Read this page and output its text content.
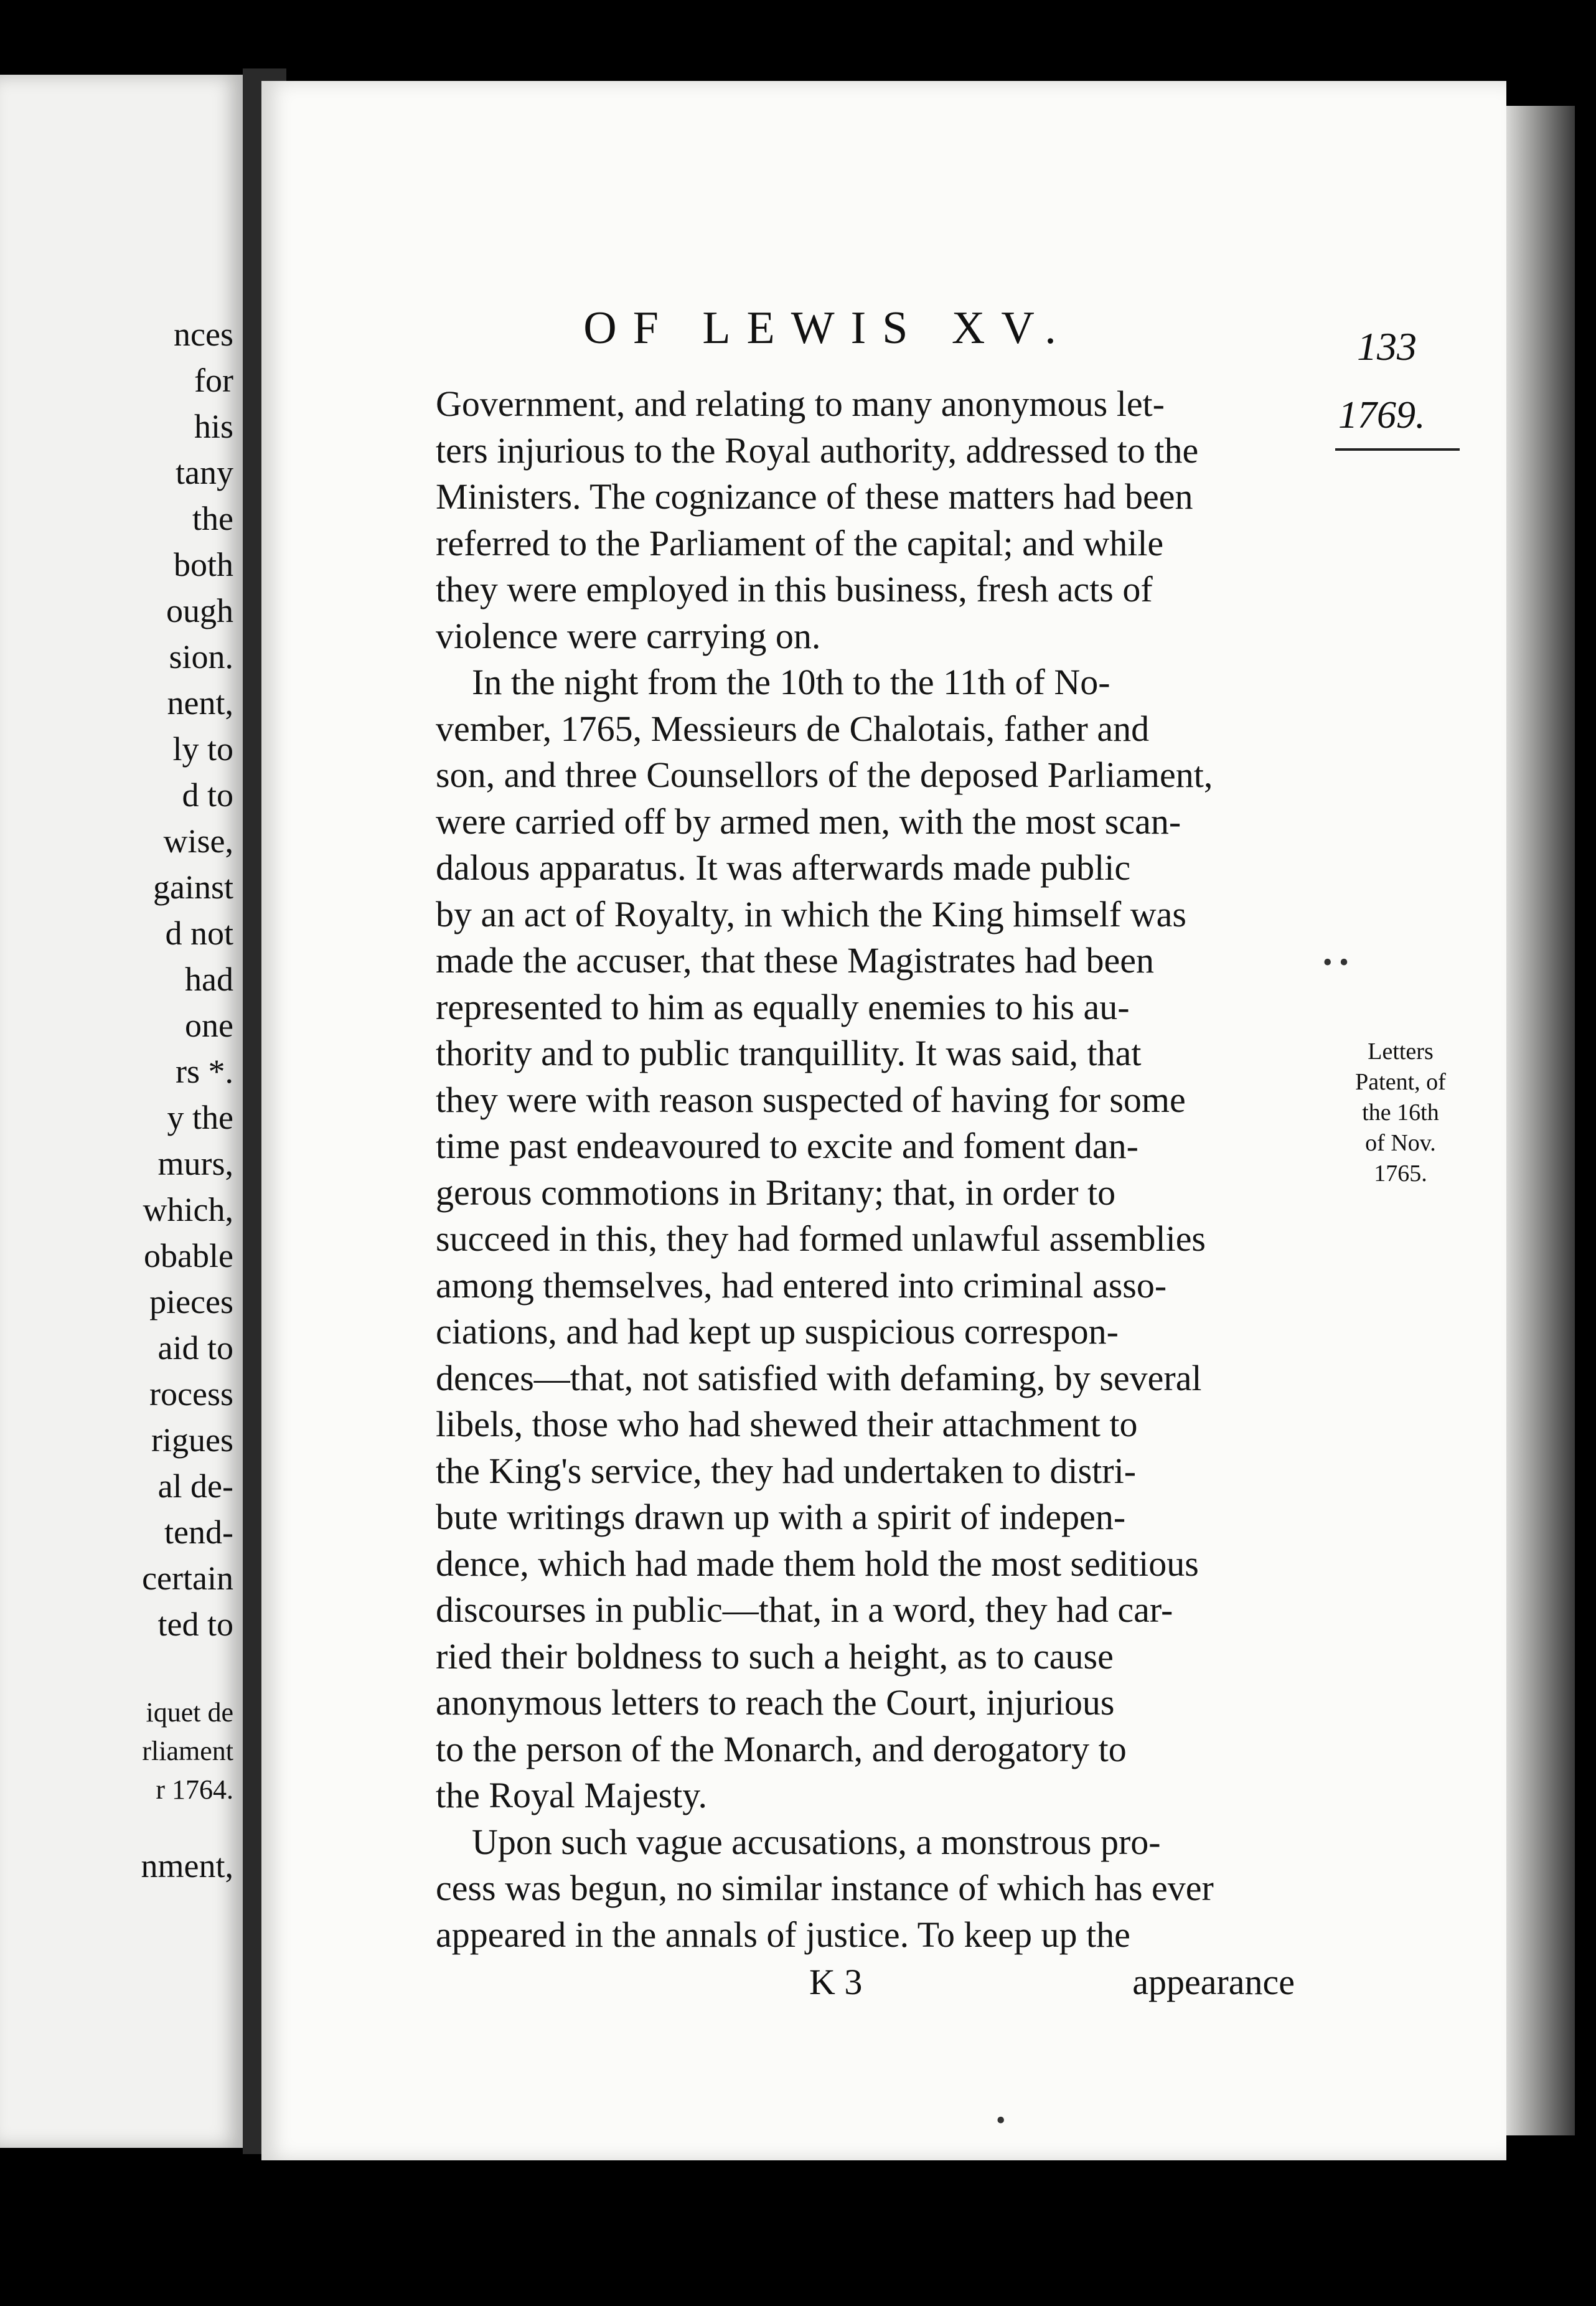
nces
for
his
tany
the
both
ough
sion.
nent,
ly to
d to
wise,
gainst
d not
had
one
rs *.
y the
murs,
which,
obable
pieces
aid to
rocess
rigues
al de-
tend-
certain
ted to

iquet de
rliament
r 1764.

nment,

OF LEWIS XV.	133

1769.

Government, and relating to many anonymous let-
ters injurious to the Royal authority, addressed to the
Ministers. The cognizance of these matters had been
referred to the Parliament of the capital; and while
they were employed in this business, fresh acts of
violence were carrying on.
In the night from the 10th to the 11th of No-
vember, 1765, Messieurs de Chalotais, father and
son, and three Counsellors of the deposed Parliament,
were carried off by armed men, with the most scan-
dalous apparatus. It was afterwards made public
by an act of Royalty, in which the King himself was
made the accuser, that these Magistrates had been
represented to him as equally enemies to his au-
thority and to public tranquillity. It was said, that
they were with reason suspected of having for some
time past endeavoured to excite and foment dan-
gerous commotions in Britany; that, in order to
succeed in this, they had formed unlawful assemblies
among themselves, had entered into criminal asso-
ciations, and had kept up suspicious correspon-
dences—that, not satisfied with defaming, by several
libels, those who had shewed their attachment to
the King's service, they had undertaken to distri-
bute writings drawn up with a spirit of indepen-
dence, which had made them hold the most seditious
discourses in public—that, in a word, they had car-
ried their boldness to such a height, as to cause
anonymous letters to reach the Court, injurious
to the person of the Monarch, and derogatory to
the Royal Majesty.
Upon such vague accusations, a monstrous pro-
cess was begun, no similar instance of which has ever
appeared in the annals of justice. To keep up the

Letters
Patent, of
the 16th
of Nov.
1765.

• •

•

K 3	appearance
